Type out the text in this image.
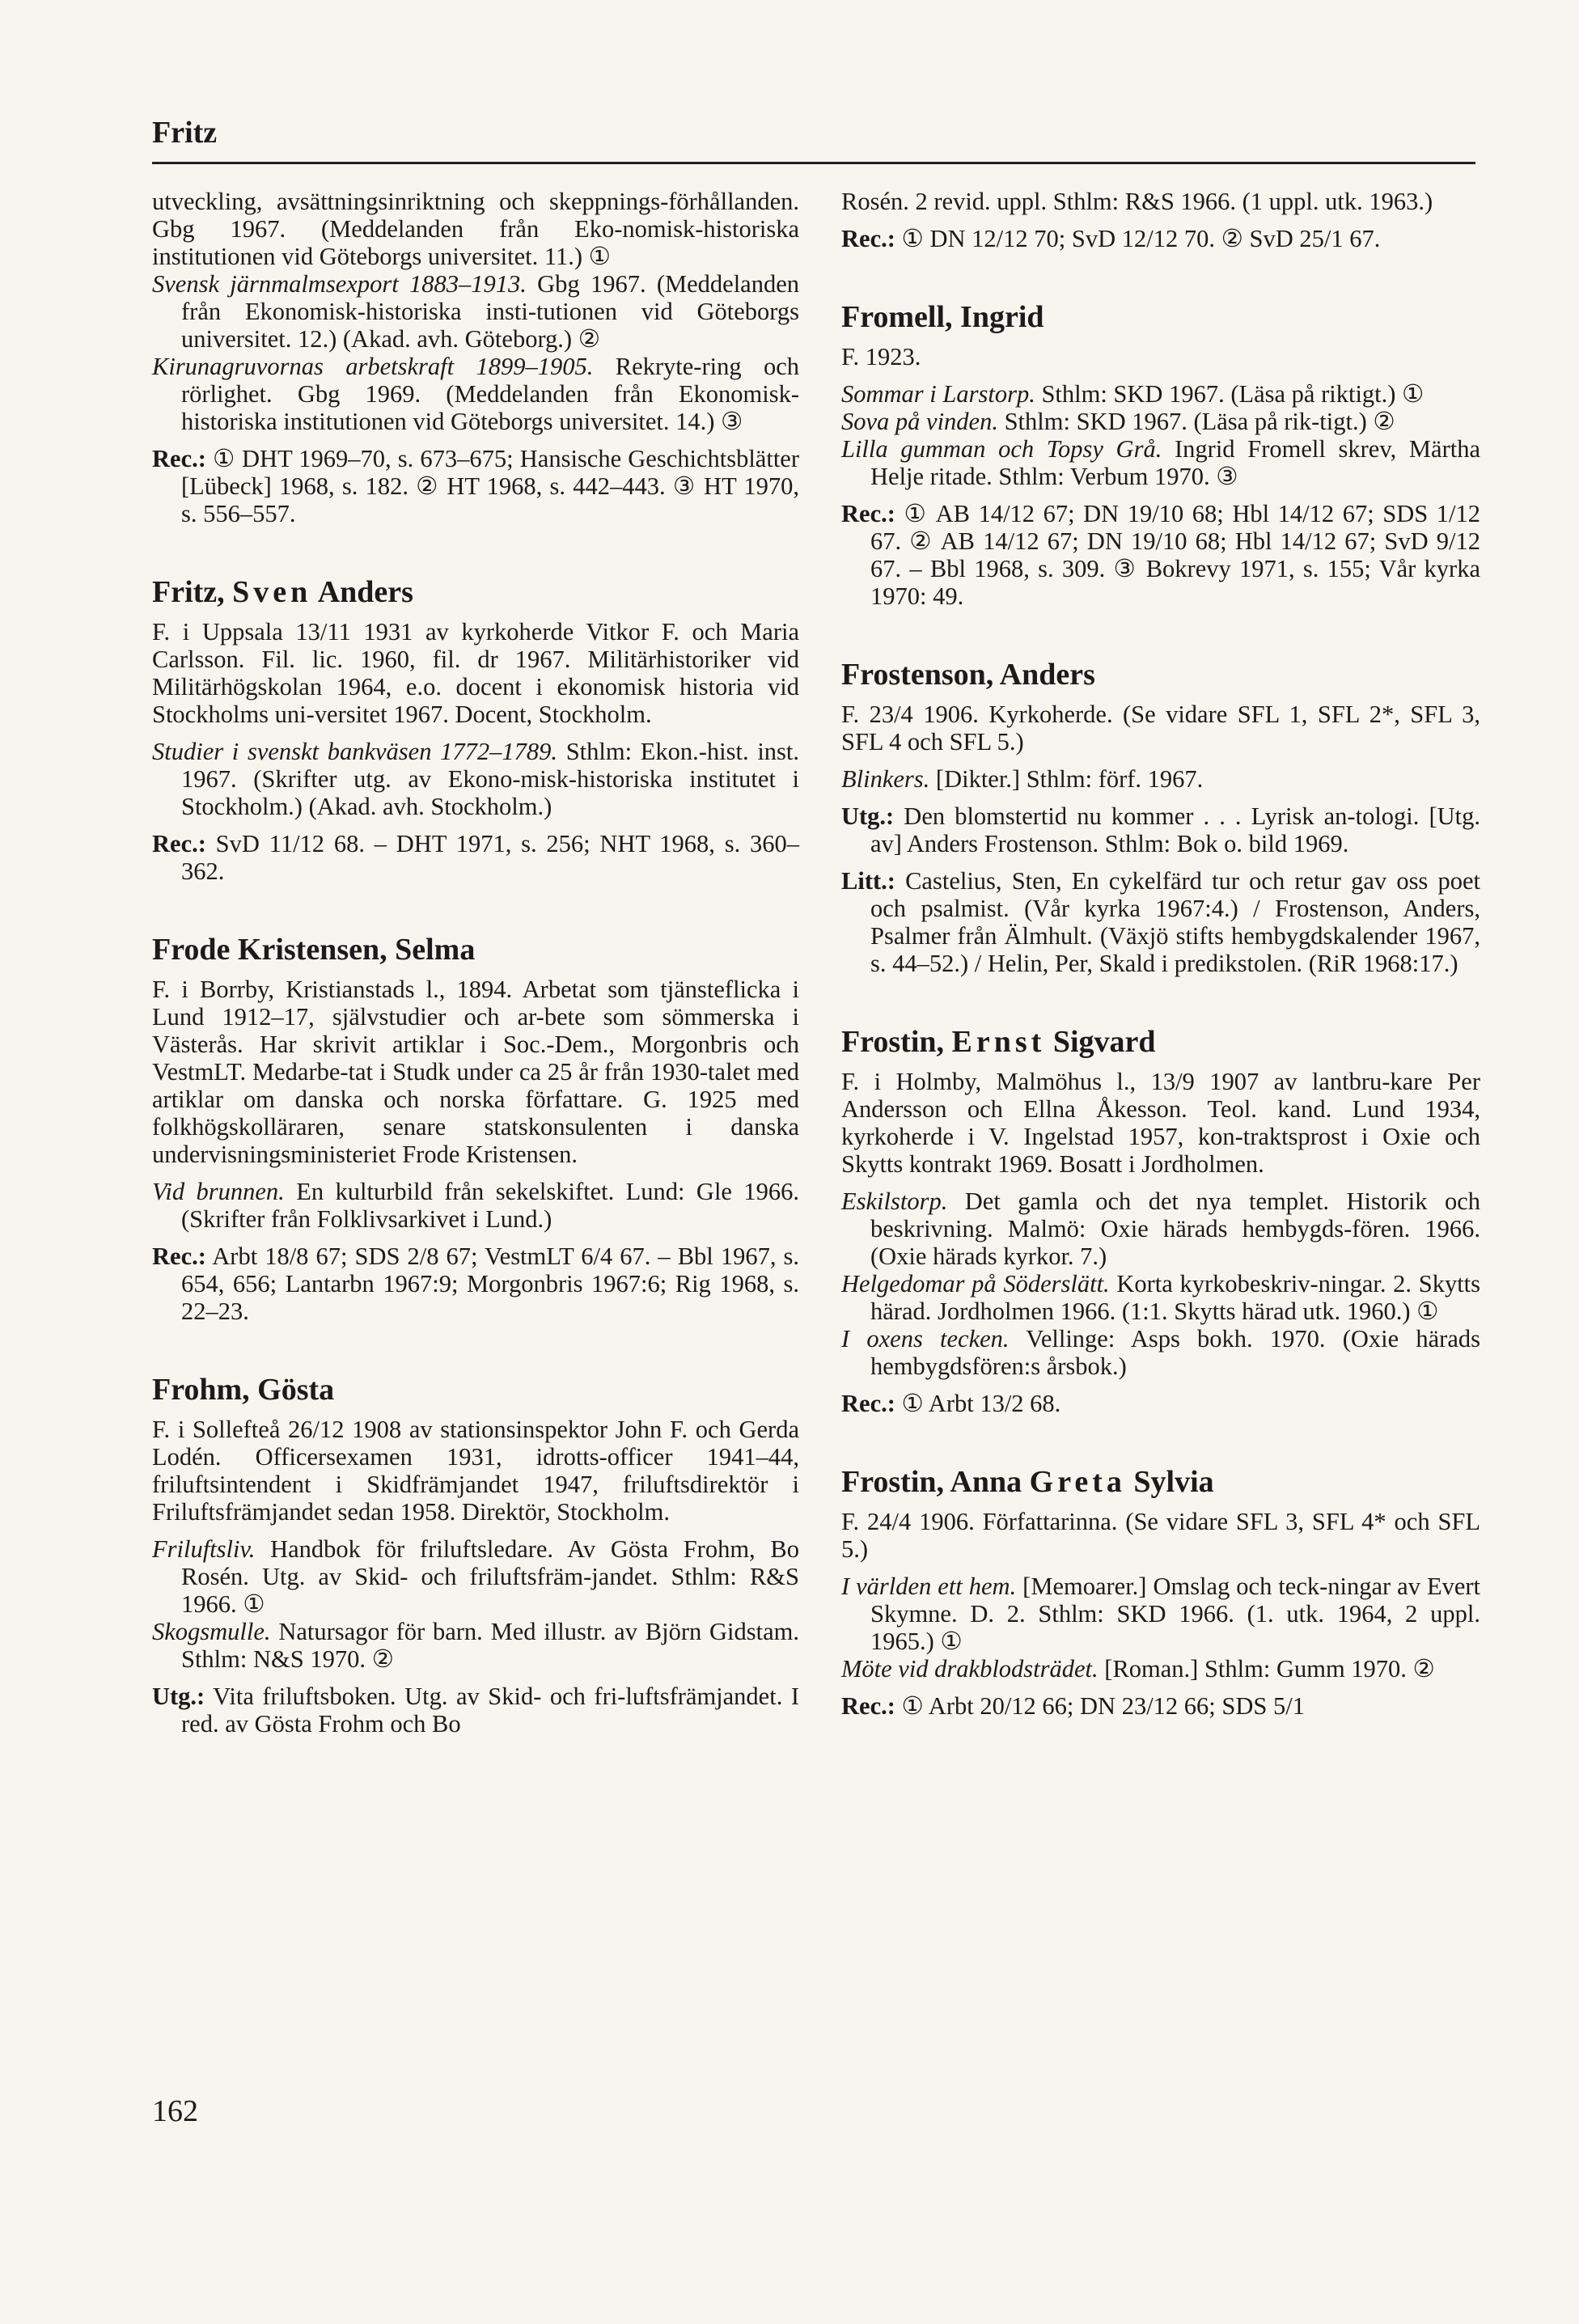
Fritz

utveckling, avsättningsinriktning och skeppnings-förhållanden. Gbg 1967. (Meddelanden från Eko-nomisk-historiska institutionen vid Göteborgs universitet. 11.) ①

Svensk järnmalmsexport 1883–1913. Gbg 1967. (Meddelanden från Ekonomisk-historiska insti-tutionen vid Göteborgs universitet. 12.) (Akad. avh. Göteborg.) ②

Kirunagruvornas arbetskraft 1899–1905. Rekryte-ring och rörlighet. Gbg 1969. (Meddelanden från Ekonomisk-historiska institutionen vid Göteborgs universitet. 14.) ③

Rec.: ① DHT 1969–70, s. 673–675; Hansische Geschichtsblätter [Lübeck] 1968, s. 182. ② HT 1968, s. 442–443. ③ HT 1970, s. 556–557.

Fritz, Sven Anders

F. i Uppsala 13/11 1931 av kyrkoherde Vitkor F. och Maria Carlsson. Fil. lic. 1960, fil. dr 1967. Militärhistoriker vid Militärhögskolan 1964, e.o. docent i ekonomisk historia vid Stockholms uni-versitet 1967. Docent, Stockholm.

Studier i svenskt bankväsen 1772–1789. Sthlm: Ekon.-hist. inst. 1967. (Skrifter utg. av Ekono-misk-historiska institutet i Stockholm.) (Akad. avh. Stockholm.)

Rec.: SvD 11/12 68. – DHT 1971, s. 256; NHT 1968, s. 360–362.

Frode Kristensen, Selma

F. i Borrby, Kristianstads l., 1894. Arbetat som tjänsteflicka i Lund 1912–17, självstudier och ar-bete som sömmerska i Västerås. Har skrivit artiklar i Soc.-Dem., Morgonbris och VestmLT. Medarbe-tat i Studk under ca 25 år från 1930-talet med artiklar om danska och norska författare. G. 1925 med folkhögskolläraren, senare statskonsulenten i danska undervisningsministeriet Frode Kristensen.

Vid brunnen. En kulturbild från sekelskiftet. Lund: Gle 1966. (Skrifter från Folklivsarkivet i Lund.)

Rec.: Arbt 18/8 67; SDS 2/8 67; VestmLT 6/4 67. – Bbl 1967, s. 654, 656; Lantarbn 1967:9; Morgonbris 1967:6; Rig 1968, s. 22–23.

Frohm, Gösta

F. i Sollefteå 26/12 1908 av stationsinspektor John F. och Gerda Lodén. Officersexamen 1931, idrotts-officer 1941–44, friluftsintendent i Skidfrämjandet 1947, friluftsdirektör i Friluftsfrämjandet sedan 1958. Direktör, Stockholm.

Friluftsliv. Handbok för friluftsledare. Av Gösta Frohm, Bo Rosén. Utg. av Skid- och friluftsfräm-jandet. Sthlm: R&S 1966. ①

Skogsmulle. Natursagor för barn. Med illustr. av Björn Gidstam. Sthlm: N&S 1970. ②

Utg.: Vita friluftsboken. Utg. av Skid- och fri-luftsfrämjandet. I red. av Gösta Frohm och Bo

Rosén. 2 revid. uppl. Sthlm: R&S 1966. (1 uppl. utk. 1963.)

Rec.: ① DN 12/12 70; SvD 12/12 70. ② SvD 25/1 67.

Fromell, Ingrid

F. 1923.

Sommar i Larstorp. Sthlm: SKD 1967. (Läsa på riktigt.) ①

Sova på vinden. Sthlm: SKD 1967. (Läsa på rik-tigt.) ②

Lilla gumman och Topsy Grå. Ingrid Fromell skrev, Märtha Helje ritade. Sthlm: Verbum 1970. ③

Rec.: ① AB 14/12 67; DN 19/10 68; Hbl 14/12 67; SDS 1/12 67. ② AB 14/12 67; DN 19/10 68; Hbl 14/12 67; SvD 9/12 67. – Bbl 1968, s. 309. ③ Bokrevy 1971, s. 155; Vår kyrka 1970: 49.

Frostenson, Anders

F. 23/4 1906. Kyrkoherde. (Se vidare SFL 1, SFL 2*, SFL 3, SFL 4 och SFL 5.)

Blinkers. [Dikter.] Sthlm: förf. 1967.

Utg.: Den blomstertid nu kommer . . . Lyrisk an-tologi. [Utg. av] Anders Frostenson. Sthlm: Bok o. bild 1969.

Litt.: Castelius, Sten, En cykelfärd tur och retur gav oss poet och psalmist. (Vår kyrka 1967:4.) / Frostenson, Anders, Psalmer från Älmhult. (Växjö stifts hembygdskalender 1967, s. 44–52.) / Helin, Per, Skald i predikstolen. (RiR 1968:17.)

Frostin, Ernst Sigvard

F. i Holmby, Malmöhus l., 13/9 1907 av lantbru-kare Per Andersson och Ellna Åkesson. Teol. kand. Lund 1934, kyrkoherde i V. Ingelstad 1957, kon-traktsprost i Oxie och Skytts kontrakt 1969. Bosatt i Jordholmen.

Eskilstorp. Det gamla och det nya templet. Historik och beskrivning. Malmö: Oxie härads hembygds-fören. 1966. (Oxie härads kyrkor. 7.)

Helgedomar på Söderslätt. Korta kyrkobeskriv-ningar. 2. Skytts härad. Jordholmen 1966. (1:1. Skytts härad utk. 1960.) ①

I oxens tecken. Vellinge: Asps bokh. 1970. (Oxie härads hembygdsfören:s årsbok.)

Rec.: ① Arbt 13/2 68.

Frostin, Anna Greta Sylvia

F. 24/4 1906. Författarinna. (Se vidare SFL 3, SFL 4* och SFL 5.)

I världen ett hem. [Memoarer.] Omslag och teck-ningar av Evert Skymne. D. 2. Sthlm: SKD 1966. (1. utk. 1964, 2 uppl. 1965.) ①

Möte vid drakblodsträdet. [Roman.] Sthlm: Gumm 1970. ②

Rec.: ① Arbt 20/12 66; DN 23/12 66; SDS 5/1

162
